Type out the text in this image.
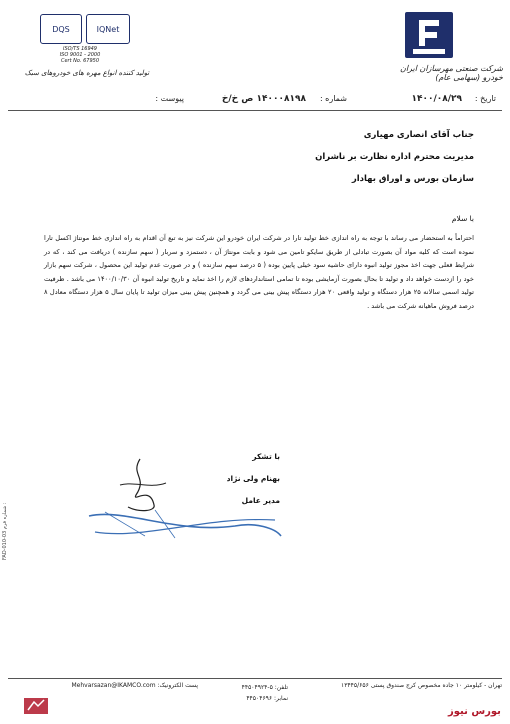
شرکت صنعتی مهرسازان ایران خودرو (سهامی عام)
DQS	IQNet
ISO/TS 16949
ISO 9001 - 2000
Cert No. 67950
تولید کننده انواع مهره های خودروهای سبک
تاریخ :
۱۴۰۰/۰۸/۲۹
شماره :
۱۴۰۰۰۸۱۹۸ ص خ/خ
پیوست :
جناب آقای انصاری مهیاری
مدیریت محترم اداره نظارت بر ناشران
سازمان بورس و اوراق بهادار
با سلام
احتراماً به استحضار می رساند با توجه به راه اندازی خط تولید تارا در شرکت ایران خودرو این شرکت نیز به تبع آن اقدام به راه اندازی خط مونتاژ اکسل تارا نموده است که کلیه مواد آن بصورت تبادلی از طریق سایکو تامین می شود و بابت مونتاژ آن ، دستمزد و سربار ( سهم سازنده ) دریافت می کند ، که در شرایط فعلی جهت اخذ مجوز تولید انبوه دارای حاشیه سود خیلی پایین بوده ( ۵ درصد سهم سازنده ) و در صورت عدم تولید این محصول ، شرکت سهم بازار خود را ازدست خواهد داد و تولید تا بحال بصورت آزمایشی بوده تا تمامی استانداردهای لازم را اخذ نماید و تاریخ تولید انبوه آن ۱۴۰۰/۱۰/۳۰ می باشد . ظرفیت تولید اسمی سالانه ۲۵ هزار دستگاه و تولید واقعی ۲۰ هزار دستگاه پیش بینی می گردد و همچنین پیش بینی میزان تولید تا پایان سال ۵ هزار دستگاه معادل ۸ درصد فروش ماهیانه شرکت می باشد .
با تشکر
بهنام ولی نژاد
مدیر عامل
تهران - کیلومتر ۱۰ جاده مخصوص کرج صندوق پستی ۱۳۴۴۵/۶۵۶
تلفن: ۵-۴۴۵۰۴۹۲۴
نمابر: ۴۴۵۰۴۶۹۶
پست الکترونیک: Mehvarsazan@IKAMCO.com
FAD-010-03 شماره فرم :
بورس نیوز
